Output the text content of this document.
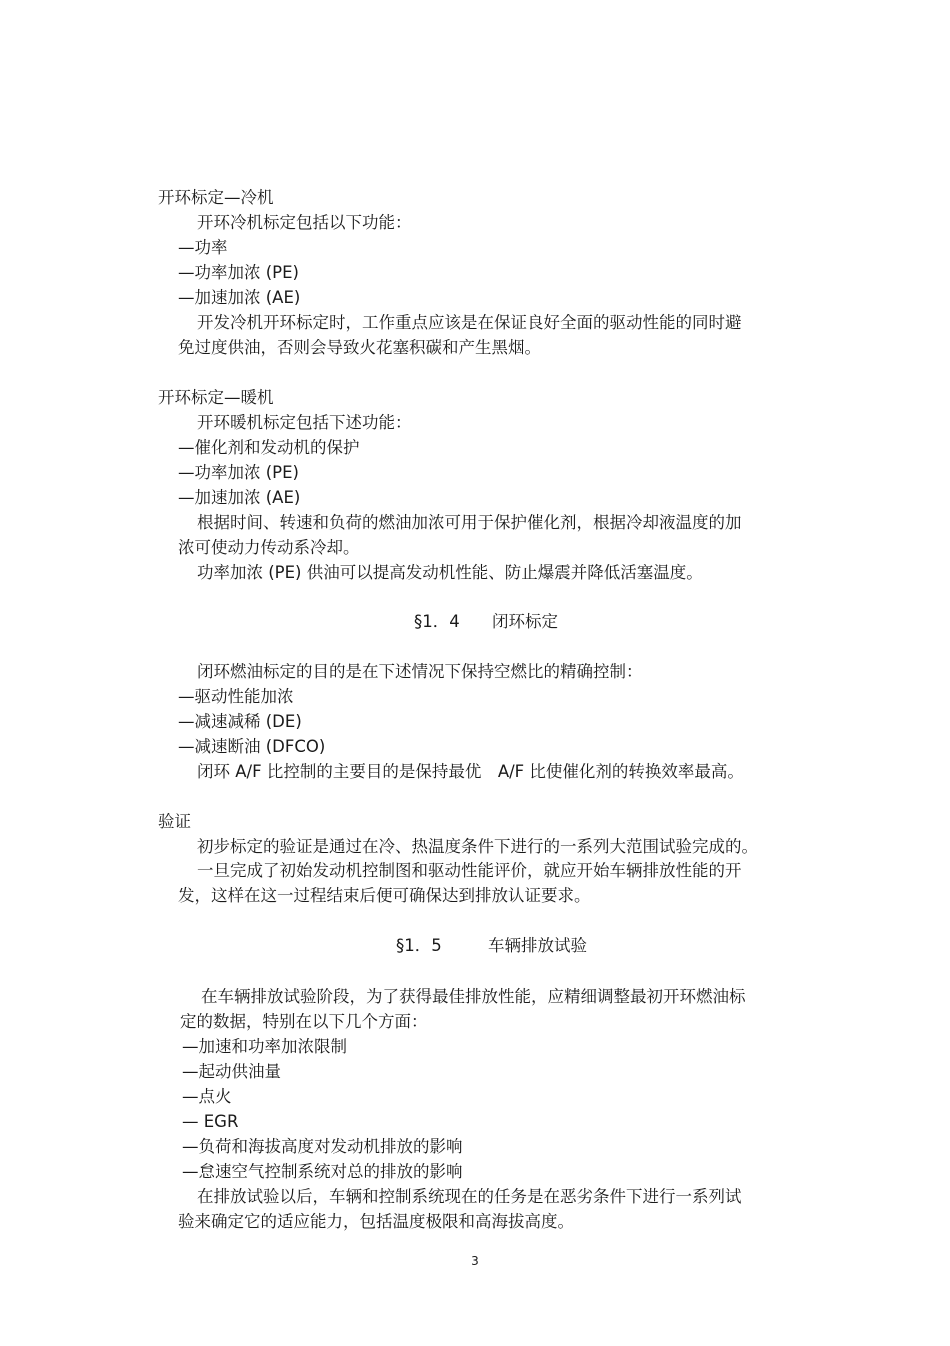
开环标定—冷机
开环冷机标定包括以下功能：
—功率
—功率加浓 (PE)
—加速加浓 (AE)
开发冷机开环标定时，工作重点应该是在保证良好全面的驱动性能的同时避
免过度供油，否则会导致火花塞积碳和产生黑烟。
开环标定—暖机
开环暖机标定包括下述功能：
—催化剂和发动机的保护
—功率加浓 (PE)
—加速加浓 (AE)
根据时间、转速和负荷的燃油加浓可用于保护催化剂，根据冷却液温度的加
浓可使动力传动系冷却。
功率加浓 (PE) 供油可以提高发动机性能、防止爆震并降低活塞温度。
§1．4 闭环标定
闭环燃油标定的目的是在下述情况下保持空燃比的精确控制：
—驱动性能加浓
—减速减稀 (DE)
—减速断油 (DFCO)
闭环 A/F 比控制的主要目的是保持最优　A/F 比使催化剂的转换效率最高。
验证
初步标定的验证是通过在冷、热温度条件下进行的一系列大范围试验完成的。
一旦完成了初始发动机控制图和驱动性能评价，就应开始车辆排放性能的开
发，这样在这一过程结束后便可确保达到排放认证要求。
§1．5	车辆排放试验
在车辆排放试验阶段，为了获得最佳排放性能，应精细调整最初开环燃油标
定的数据，特别在以下几个方面：
—加速和功率加浓限制
—起动供油量
—点火
— EGR
—负荷和海拔高度对发动机排放的影响
—怠速空气控制系统对总的排放的影响
在排放试验以后，车辆和控制系统现在的任务是在恶劣条件下进行一系列试
验来确定它的适应能力，包括温度极限和高海拔高度。
3
